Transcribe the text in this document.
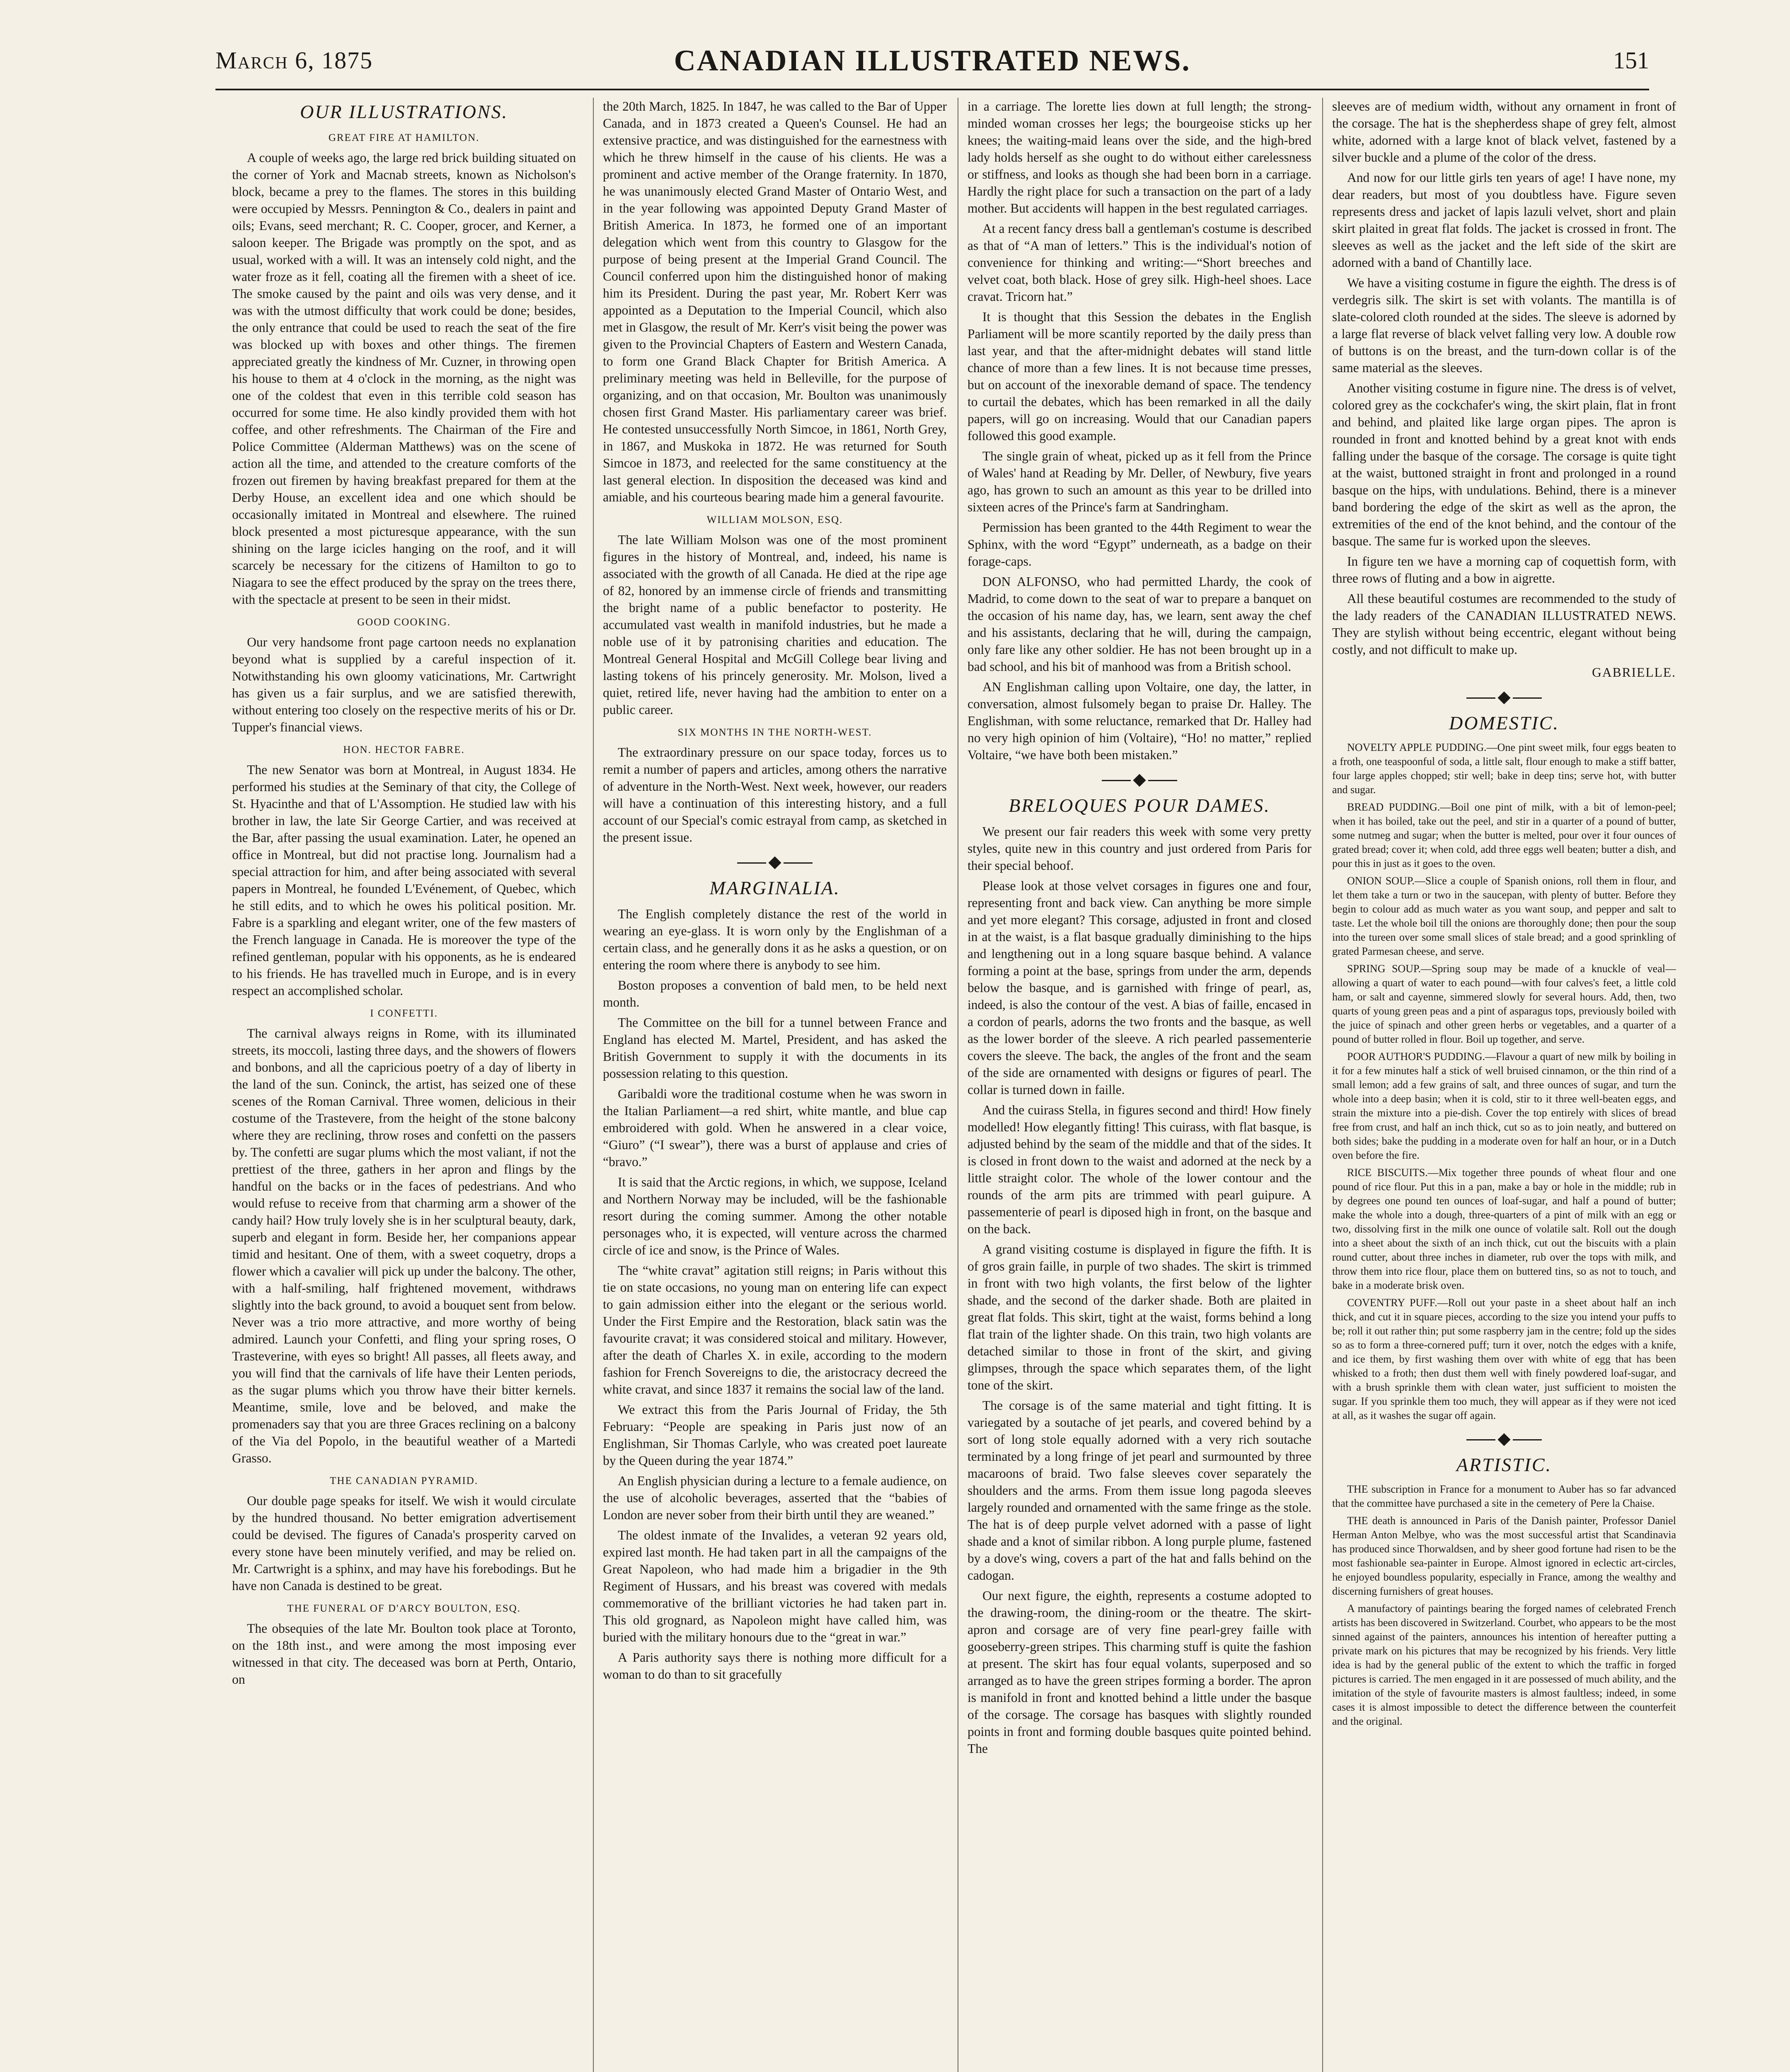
March 6, 1875	CANADIAN ILLUSTRATED NEWS.	151
OUR ILLUSTRATIONS.
GREAT FIRE AT HAMILTON.

A couple of weeks ago, the large red brick building situated on the corner of York and Macnab streets, known as Nicholson's block, became a prey to the flames. The stores in this building were occupied by Messrs. Pennington & Co., dealers in paint and oils; Evans, seed merchant; R. C. Cooper, grocer, and Kerner, a saloon keeper. The Brigade was promptly on the spot, and as usual, worked with a will. It was an intensely cold night, and the water froze as it fell, coating all the firemen with a sheet of ice. The smoke caused by the paint and oils was very dense, and it was with the utmost difficulty that work could be done; besides, the only entrance that could be used to reach the seat of the fire was blocked up with boxes and other things. The firemen appreciated greatly the kindness of Mr. Cuzner, in throwing open his house to them at 4 o'clock in the morning, as the night was one of the coldest that even in this terrible cold season has occurred for some time. He also kindly provided them with hot coffee, and other refreshments. The Chairman of the Fire and Police Committee (Alderman Matthews) was on the scene of action all the time, and attended to the creature comforts of the frozen out firemen by having breakfast prepared for them at the Derby House, an excellent idea and one which should be occasionally imitated in Montreal and elsewhere. The ruined block presented a most picturesque appearance, with the sun shining on the large icicles hanging on the roof, and it will scarcely be necessary for the citizens of Hamilton to go to Niagara to see the effect produced by the spray on the trees there, with the spectacle at present to be seen in their midst.

GOOD COOKING.

Our very handsome front page cartoon needs no explanation beyond what is supplied by a careful inspection of it. Notwithstanding his own gloomy vaticinations, Mr. Cartwright has given us a fair surplus, and we are satisfied therewith, without entering too closely on the respective merits of his or Dr. Tupper's financial views.

HON. HECTOR FABRE.

The new Senator was born at Montreal, in August 1834. He performed his studies at the Seminary of that city, the College of St. Hyacinthe and that of L'Assomption. He studied law with his brother in law, the late Sir George Cartier, and was received at the Bar, after passing the usual examination. Later, he opened an office in Montreal, but did not practise long. Journalism had a special attraction for him, and after being associated with several papers in Montreal, he founded L'Evénement, of Quebec, which he still edits, and to which he owes his political position. Mr. Fabre is a sparkling and elegant writer, one of the few masters of the French language in Canada. He is moreover the type of the refined gentleman, popular with his opponents, as he is endeared to his friends. He has travelled much in Europe, and is in every respect an accomplished scholar.

I CONFETTI.

The carnival always reigns in Rome, with its illuminated streets, its moccoli, lasting three days, and the showers of flowers and bonbons, and all the capricious poetry of a day of liberty in the land of the sun. Coninck, the artist, has seized one of these scenes of the Roman Carnival. Three women, delicious in their costume of the Trastevere, from the height of the stone balcony where they are reclining, throw roses and confetti on the passers by. The confetti are sugar plums which the most valiant, if not the prettiest of the three, gathers in her apron and flings by the handful on the backs or in the faces of pedestrians. And who would refuse to receive from that charming arm a shower of the candy hail? How truly lovely she is in her sculptural beauty, dark, superb and elegant in form. Beside her, her companions appear timid and hesitant. One of them, with a sweet coquetry, drops a flower which a cavalier will pick up under the balcony. The other, with a half-smiling, half frightened movement, withdraws slightly into the back ground, to avoid a bouquet sent from below. Never was a trio more attractive, and more worthy of being admired. Launch your Confetti, and fling your spring roses, O Trasteverine, with eyes so bright! All passes, all fleets away, and you will find that the carnivals of life have their Lenten periods, as the sugar plums which you throw have their bitter kernels. Meantime, smile, love and be beloved, and make the promenaders say that you are three Graces reclining on a balcony of the Via del Popolo, in the beautiful weather of a Martedi Grasso.

THE CANADIAN PYRAMID.

Our double page speaks for itself. We wish it would circulate by the hundred thousand. No better emigration advertisement could be devised. The figures of Canada's prosperity carved on every stone have been minutely verified, and may be relied on. Mr. Cartwright is a sphinx, and may have his forebodings. But he have non Canada is destined to be great.

THE FUNERAL OF D'ARCY BOULTON, ESQ.

The obsequies of the late Mr. Boulton took place at Toronto, on the 18th inst., and were among the most imposing ever witnessed in that city. The deceased was born at Perth, Ontario, on

the 20th March, 1825. In 1847, he was called to the Bar of Upper Canada, and in 1873 created a Queen's Counsel. He had an extensive practice, and was distinguished for the earnestness with which he threw himself in the cause of his clients. He was a prominent and active member of the Orange fraternity. In 1870, he was unanimously elected Grand Master of Ontario West, and in the year following was appointed Deputy Grand Master of British America. In 1873, he formed one of an important delegation which went from this country to Glasgow for the purpose of being present at the Imperial Grand Council. The Council conferred upon him the distinguished honor of making him its President. During the past year, Mr. Robert Kerr was appointed as a Deputation to the Imperial Council, which also met in Glasgow, the result of Mr. Kerr's visit being the power was given to the Provincial Chapters of Eastern and Western Canada, to form one Grand Black Chapter for British America. A preliminary meeting was held in Belleville, for the purpose of organizing, and on that occasion, Mr. Boulton was unanimously chosen first Grand Master. His parliamentary career was brief. He contested unsuccessfully North Simcoe, in 1861, North Grey, in 1867, and Muskoka in 1872. He was returned for South Simcoe in 1873, and reelected for the same constituency at the last general election. In disposition the deceased was kind and amiable, and his courteous bearing made him a general favourite.

WILLIAM MOLSON, ESQ.

The late William Molson was one of the most prominent figures in the history of Montreal, and, indeed, his name is associated with the growth of all Canada. He died at the ripe age of 82, honored by an immense circle of friends and transmitting the bright name of a public benefactor to posterity. He accumulated vast wealth in manifold industries, but he made a noble use of it by patronising charities and education. The Montreal General Hospital and McGill College bear living and lasting tokens of his princely generosity. Mr. Molson, lived a quiet, retired life, never having had the ambition to enter on a public career.

SIX MONTHS IN THE NORTH-WEST.

The extraordinary pressure on our space today, forces us to remit a number of papers and articles, among others the narrative of adventure in the North-West. Next week, however, our readers will have a continuation of this interesting history, and a full account of our Special's comic estrayal from camp, as sketched in the present issue.

MARGINALIA.

The English completely distance the rest of the world in wearing an eye-glass. It is worn only by the Englishman of a certain class, and he generally dons it as he asks a question, or on entering the room where there is anybody to see him.

Boston proposes a convention of bald men, to be held next month.

The Committee on the bill for a tunnel between France and England has elected M. Martel, President, and has asked the British Government to supply it with the documents in its possession relating to this question.

Garibaldi wore the traditional costume when he was sworn in the Italian Parliament—a red shirt, white mantle, and blue cap embroidered with gold. When he answered in a clear voice, “Giuro” (“I swear”), there was a burst of applause and cries of “bravo.”

It is said that the Arctic regions, in which, we suppose, Iceland and Northern Norway may be included, will be the fashionable resort during the coming summer. Among the other notable personages who, it is expected, will venture across the charmed circle of ice and snow, is the Prince of Wales.

The “white cravat” agitation still reigns; in Paris without this tie on state occasions, no young man on entering life can expect to gain admission either into the elegant or the serious world. Under the First Empire and the Restoration, black satin was the favourite cravat; it was considered stoical and military. However, after the death of Charles X. in exile, according to the modern fashion for French Sovereigns to die, the aristocracy decreed the white cravat, and since 1837 it remains the social law of the land.

We extract this from the Paris Journal of Friday, the 5th February: “People are speaking in Paris just now of an Englishman, Sir Thomas Carlyle, who was created poet laureate by the Queen during the year 1874.”

An English physician during a lecture to a female audience, on the use of alcoholic beverages, asserted that the “babies of London are never sober from their birth until they are weaned.”

The oldest inmate of the Invalides, a veteran 92 years old, expired last month. He had taken part in all the campaigns of the Great Napoleon, who had made him a brigadier in the 9th Regiment of Hussars, and his breast was covered with medals commemorative of the brilliant victories he had taken part in. This old grognard, as Napoleon might have called him, was buried with the military honours due to the “great in war.”

A Paris authority says there is nothing more difficult for a woman to do than to sit gracefully

in a carriage. The lorette lies down at full length; the strong-minded woman crosses her legs; the bourgeoise sticks up her knees; the waiting-maid leans over the side, and the high-bred lady holds herself as she ought to do without either carelessness or stiffness, and looks as though she had been born in a carriage. Hardly the right place for such a transaction on the part of a lady mother. But accidents will happen in the best regulated carriages.

At a recent fancy dress ball a gentleman's costume is described as that of “A man of letters.” This is the individual's notion of convenience for thinking and writing:—“Short breeches and velvet coat, both black. Hose of grey silk. High-heel shoes. Lace cravat. Tricorn hat.”

It is thought that this Session the debates in the English Parliament will be more scantily reported by the daily press than last year, and that the after-midnight debates will stand little chance of more than a few lines. It is not because time presses, but on account of the inexorable demand of space. The tendency to curtail the debates, which has been remarked in all the daily papers, will go on increasing. Would that our Canadian papers followed this good example.

The single grain of wheat, picked up as it fell from the Prince of Wales' hand at Reading by Mr. Deller, of Newbury, five years ago, has grown to such an amount as this year to be drilled into sixteen acres of the Prince's farm at Sandringham.

Permission has been granted to the 44th Regiment to wear the Sphinx, with the word “Egypt” underneath, as a badge on their forage-caps.

DON ALFONSO, who had permitted Lhardy, the cook of Madrid, to come down to the seat of war to prepare a banquet on the occasion of his name day, has, we learn, sent away the chef and his assistants, declaring that he will, during the campaign, only fare like any other soldier. He has not been brought up in a bad school, and his bit of manhood was from a British school.

AN Englishman calling upon Voltaire, one day, the latter, in conversation, almost fulsomely began to praise Dr. Halley. The Englishman, with some reluctance, remarked that Dr. Halley had no very high opinion of him (Voltaire), “Ho! no matter,” replied Voltaire, “we have both been mistaken.”

BRELOQUES POUR DAMES.

We present our fair readers this week with some very pretty styles, quite new in this country and just ordered from Paris for their special behoof.

Please look at those velvet corsages in figures one and four, representing front and back view. Can anything be more simple and yet more elegant? This corsage, adjusted in front and closed in at the waist, is a flat basque gradually diminishing to the hips and lengthening out in a long square basque behind. A valance forming a point at the base, springs from under the arm, depends below the basque, and is garnished with fringe of pearl, as, indeed, is also the contour of the vest. A bias of faille, encased in a cordon of pearls, adorns the two fronts and the basque, as well as the lower border of the sleeve. A rich pearled passementerie covers the sleeve. The back, the angles of the front and the seam of the side are ornamented with designs or figures of pearl. The collar is turned down in faille.

And the cuirass Stella, in figures second and third! How finely modelled! How elegantly fitting! This cuirass, with flat basque, is adjusted behind by the seam of the middle and that of the sides. It is closed in front down to the waist and adorned at the neck by a little straight color. The whole of the lower contour and the rounds of the arm pits are trimmed with pearl guipure. A passementerie of pearl is diposed high in front, on the basque and on the back.

A grand visiting costume is displayed in figure the fifth. It is of gros grain faille, in purple of two shades. The skirt is trimmed in front with two high volants, the first below of the lighter shade, and the second of the darker shade. Both are plaited in great flat folds. This skirt, tight at the waist, forms behind a long flat train of the lighter shade. On this train, two high volants are detached similar to those in front of the skirt, and giving glimpses, through the space which separates them, of the light tone of the skirt.

The corsage is of the same material and tight fitting. It is variegated by a soutache of jet pearls, and covered behind by a sort of long stole equally adorned with a very rich soutache terminated by a long fringe of jet pearl and surmounted by three macaroons of braid. Two false sleeves cover separately the shoulders and the arms. From them issue long pagoda sleeves largely rounded and ornamented with the same fringe as the stole. The hat is of deep purple velvet adorned with a passe of light shade and a knot of similar ribbon. A long purple plume, fastened by a dove's wing, covers a part of the hat and falls behind on the cadogan.

Our next figure, the eighth, represents a costume adopted to the drawing-room, the dining-room or the theatre. The skirt-apron and corsage are of very fine pearl-grey faille with gooseberry-green stripes. This charming stuff is quite the fashion at present. The skirt has four equal volants, superposed and so arranged as to have the green stripes forming a border. The apron is manifold in front and knotted behind a little under the basque of the corsage. The corsage has basques with slightly rounded points in front and forming double basques quite pointed behind. The

sleeves are of medium width, without any ornament in front of the corsage. The hat is the shepherdess shape of grey felt, almost white, adorned with a large knot of black velvet, fastened by a silver buckle and a plume of the color of the dress.

And now for our little girls ten years of age! I have none, my dear readers, but most of you doubtless have. Figure seven represents dress and jacket of lapis lazuli velvet, short and plain skirt plaited in great flat folds. The jacket is crossed in front. The sleeves as well as the jacket and the left side of the skirt are adorned with a band of Chantilly lace.

We have a visiting costume in figure the eighth. The dress is of verdegris silk. The skirt is set with volants. The mantilla is of slate-colored cloth rounded at the sides. The sleeve is adorned by a large flat reverse of black velvet falling very low. A double row of buttons is on the breast, and the turn-down collar is of the same material as the sleeves.

Another visiting costume in figure nine. The dress is of velvet, colored grey as the cockchafer's wing, the skirt plain, flat in front and behind, and plaited like large organ pipes. The apron is rounded in front and knotted behind by a great knot with ends falling under the basque of the corsage. The corsage is quite tight at the waist, buttoned straight in front and prolonged in a round basque on the hips, with undulations. Behind, there is a minever band bordering the edge of the skirt as well as the apron, the extremities of the end of the knot behind, and the contour of the basque. The same fur is worked upon the sleeves.

In figure ten we have a morning cap of coquettish form, with three rows of fluting and a bow in aigrette.

All these beautiful costumes are recommended to the study of the lady readers of the CANADIAN ILLUSTRATED NEWS. They are stylish without being eccentric, elegant without being costly, and not difficult to make up.

GABRIELLE.
DOMESTIC.

NOVELTY APPLE PUDDING.—One pint sweet milk, four eggs beaten to a froth, one teaspoonful of soda, a little salt, flour enough to make a stiff batter, four large apples chopped; stir well; bake in deep tins; serve hot, with butter and sugar.

BREAD PUDDING.—Boil one pint of milk, with a bit of lemon-peel; when it has boiled, take out the peel, and stir in a quarter of a pound of butter, some nutmeg and sugar; when the butter is melted, pour over it four ounces of grated bread; cover it; when cold, add three eggs well beaten; butter a dish, and pour this in just as it goes to the oven.

ONION SOUP.—Slice a couple of Spanish onions, roll them in flour, and let them take a turn or two in the saucepan, with plenty of butter. Before they begin to colour add as much water as you want soup, and pepper and salt to taste. Let the whole boil till the onions are thoroughly done; then pour the soup into the tureen over some small slices of stale bread; and a good sprinkling of grated Parmesan cheese, and serve.

SPRING SOUP.—Spring soup may be made of a knuckle of veal—allowing a quart of water to each pound—with four calves's feet, a little cold ham, or salt and cayenne, simmered slowly for several hours. Add, then, two quarts of young green peas and a pint of asparagus tops, previously boiled with the juice of spinach and other green herbs or vegetables, and a quarter of a pound of butter rolled in flour. Boil up together, and serve.

POOR AUTHOR'S PUDDING.—Flavour a quart of new milk by boiling in it for a few minutes half a stick of well bruised cinnamon, or the thin rind of a small lemon; add a few grains of salt, and three ounces of sugar, and turn the whole into a deep basin; when it is cold, stir to it three well-beaten eggs, and strain the mixture into a pie-dish. Cover the top entirely with slices of bread free from crust, and half an inch thick, cut so as to join neatly, and buttered on both sides; bake the pudding in a moderate oven for half an hour, or in a Dutch oven before the fire.

RICE BISCUITS.—Mix together three pounds of wheat flour and one pound of rice flour. Put this in a pan, make a bay or hole in the middle; rub in by degrees one pound ten ounces of loaf-sugar, and half a pound of butter; make the whole into a dough, three-quarters of a pint of milk with an egg or two, dissolving first in the milk one ounce of volatile salt. Roll out the dough into a sheet about the sixth of an inch thick, cut out the biscuits with a plain round cutter, about three inches in diameter, rub over the tops with milk, and throw them into rice flour, place them on buttered tins, so as not to touch, and bake in a moderate brisk oven.

COVENTRY PUFF.—Roll out your paste in a sheet about half an inch thick, and cut it in square pieces, according to the size you intend your puffs to be; roll it out rather thin; put some raspberry jam in the centre; fold up the sides so as to form a three-cornered puff; turn it over, notch the edges with a knife, and ice them, by first washing them over with white of egg that has been whisked to a froth; then dust them well with finely powdered loaf-sugar, and with a brush sprinkle them with clean water, just sufficient to moisten the sugar. If you sprinkle them too much, they will appear as if they were not iced at all, as it washes the sugar off again.

ARTISTIC.

THE subscription in France for a monument to Auber has so far advanced that the committee have purchased a site in the cemetery of Pere la Chaise.

THE death is announced in Paris of the Danish painter, Professor Daniel Herman Anton Melbye, who was the most successful artist that Scandinavia has produced since Thorwaldsen, and by sheer good fortune had risen to be the most fashionable sea-painter in Europe. Almost ignored in eclectic art-circles, he enjoyed boundless popularity, especially in France, among the wealthy and discerning furnishers of great houses.

A manufactory of paintings bearing the forged names of celebrated French artists has been discovered in Switzerland. Courbet, who appears to be the most sinned against of the painters, announces his intention of hereafter putting a private mark on his pictures that may be recognized by his friends. Very little idea is had by the general public of the extent to which the traffic in forged pictures is carried. The men engaged in it are possessed of much ability, and the imitation of the style of favourite masters is almost faultless; indeed, in some cases it is almost impossible to detect the difference between the counterfeit and the original.
